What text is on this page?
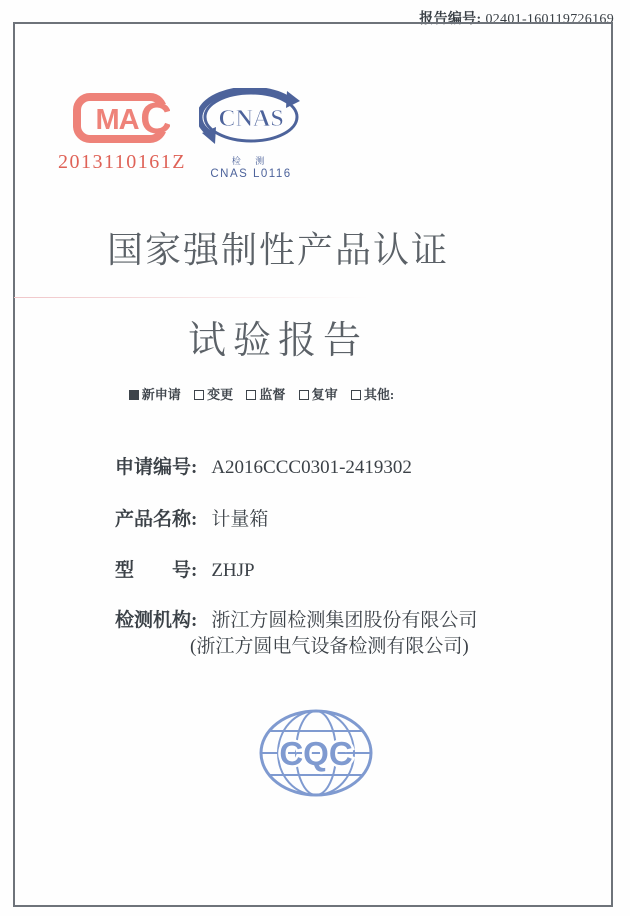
报告编号: 02401-160119726169
C
MA
2013110161Z
CNAS
检 测
CNAS L0116
国家强制性产品认证
试验报告
新申请 变更 监督 复审 其他:
申请编号: A2016CCC0301-2419302
产品名称: 计量箱
型　　号: ZHJP
检测机构: 浙江方圆检测集团股份有限公司
(浙江方圆电气设备检测有限公司)
CQC
